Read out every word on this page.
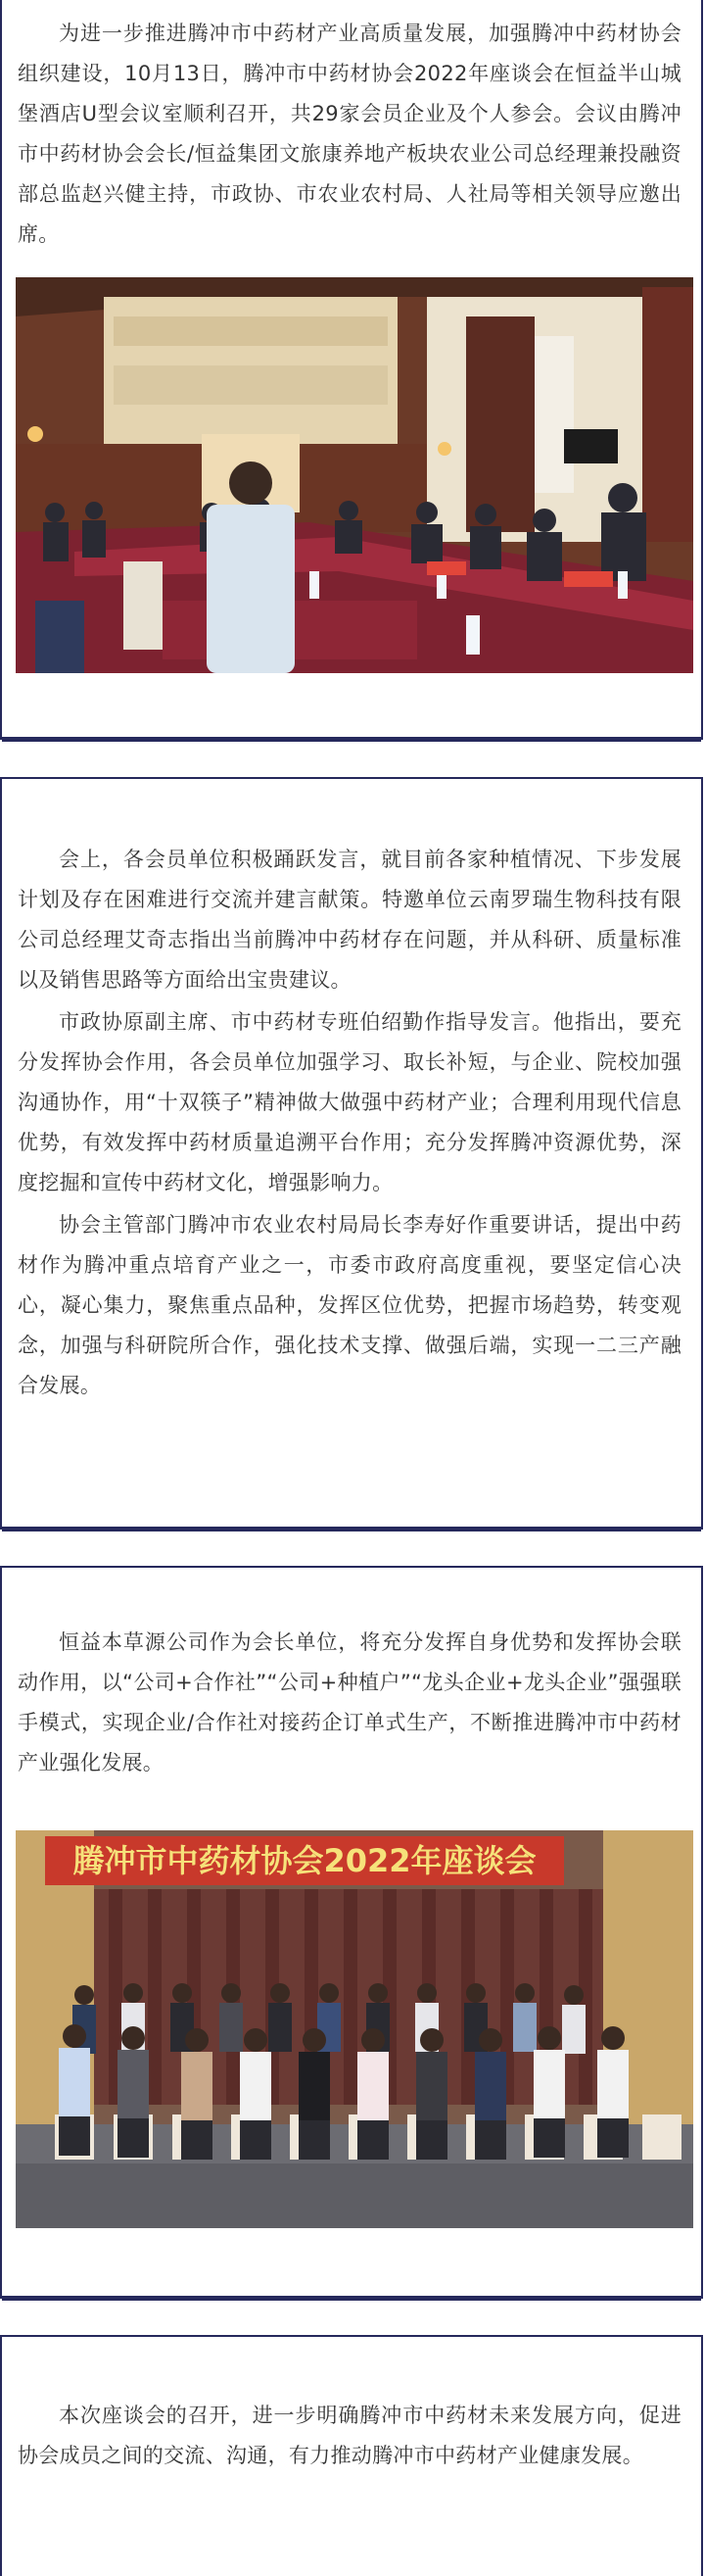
为进一步推进腾冲市中药材产业高质量发展，加强腾冲中药材协会组织建设，10月13日，腾冲市中药材协会2022年座谈会在恒益半山城堡酒店U型会议室顺利召开，共29家会员企业及个人参会。会议由腾冲市中药材协会会长/恒益集团文旅康养地产板块农业公司总经理兼投融资部总监赵兴健主持，市政协、市农业农村局、人社局等相关领导应邀出席。

会上，各会员单位积极踊跃发言，就目前各家种植情况、下步发展计划及存在困难进行交流并建言献策。特邀单位云南罗瑞生物科技有限公司总经理艾奇志指出当前腾冲中药材存在问题，并从科研、质量标准以及销售思路等方面给出宝贵建议。

市政协原副主席、市中药材专班伯绍勤作指导发言。他指出，要充分发挥协会作用，各会员单位加强学习、取长补短，与企业、院校加强沟通协作，用“十双筷子”精神做大做强中药材产业；合理利用现代信息优势，有效发挥中药材质量追溯平台作用；充分发挥腾冲资源优势，深度挖掘和宣传中药材文化，增强影响力。

协会主管部门腾冲市农业农村局局长李寿好作重要讲话，提出中药材作为腾冲重点培育产业之一，市委市政府高度重视，要坚定信心决心，凝心集力，聚焦重点品种，发挥区位优势，把握市场趋势，转变观念，加强与科研院所合作，强化技术支撑、做强后端，实现一二三产融合发展。

恒益本草源公司作为会长单位，将充分发挥自身优势和发挥协会联动作用，以“公司+合作社”“公司+种植户”“龙头企业+龙头企业”强强联手模式，实现企业/合作社对接药企订单式生产，不断推进腾冲市中药材产业强化发展。

腾冲市中药材协会2022年座谈会

本次座谈会的召开，进一步明确腾冲市中药材未来发展方向，促进协会成员之间的交流、沟通，有力推动腾冲市中药材产业健康发展。
